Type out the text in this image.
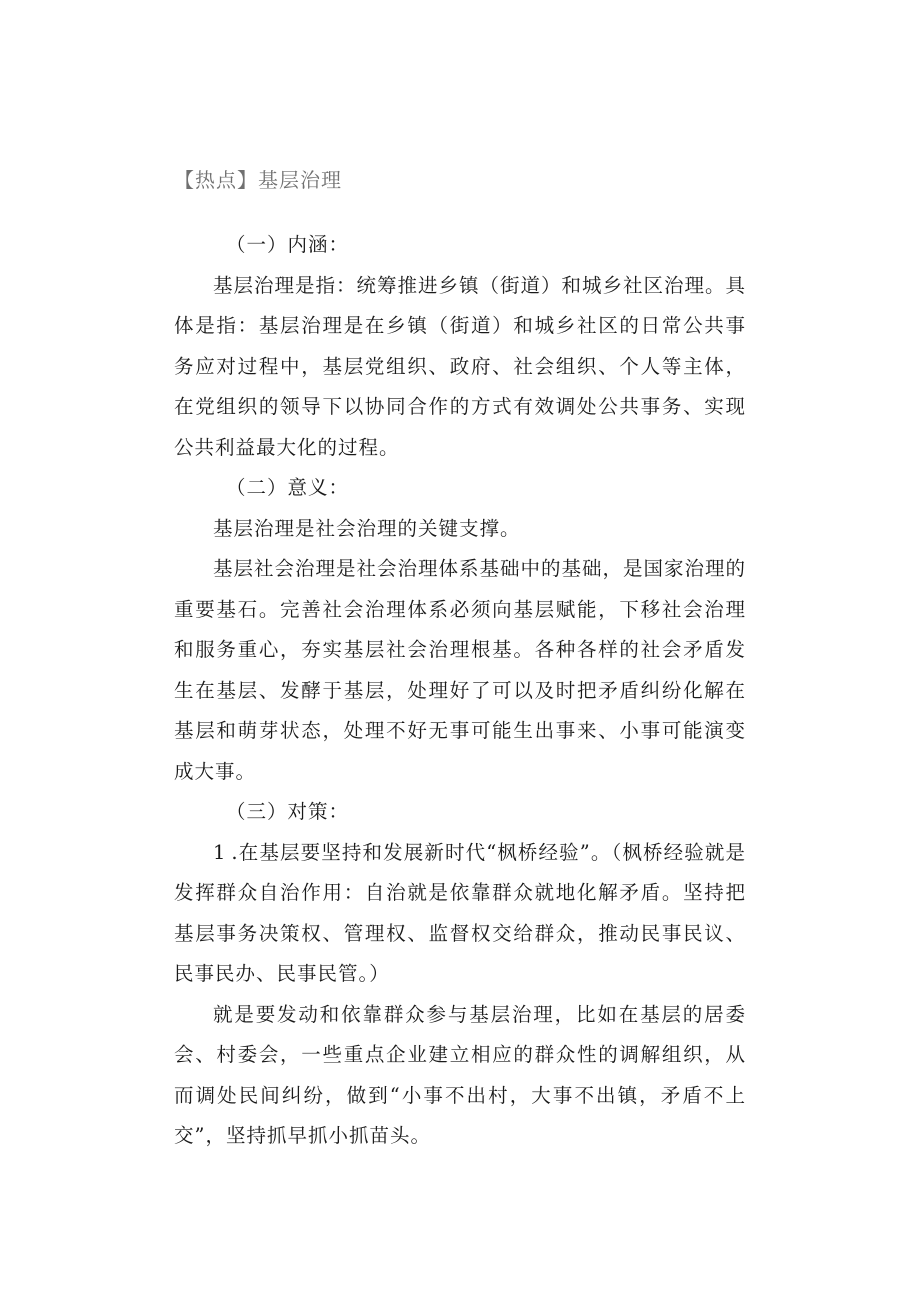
【热点】基层治理

（一）内涵：

基层治理是指：统筹推进乡镇（街道）和城乡社区治理。具体是指：基层治理是在乡镇（街道）和城乡社区的日常公共事务应对过程中，基层党组织、政府、社会组织、个人等主体，在党组织的领导下以协同合作的方式有效调处公共事务、实现公共利益最大化的过程。

（二）意义：

基层治理是社会治理的关键支撑。

基层社会治理是社会治理体系基础中的基础，是国家治理的重要基石。完善社会治理体系必须向基层赋能，下移社会治理和服务重心，夯实基层社会治理根基。各种各样的社会矛盾发生在基层、发酵于基层，处理好了可以及时把矛盾纠纷化解在基层和萌芽状态，处理不好无事可能生出事来、小事可能演变成大事。

（三）对策：

1.在基层要坚持和发展新时代“枫桥经验”。（枫桥经验就是发挥群众自治作用：自治就是依靠群众就地化解矛盾。坚持把基层事务决策权、管理权、监督权交给群众，推动民事民议、民事民办、民事民管。）

就是要发动和依靠群众参与基层治理，比如在基层的居委会、村委会，一些重点企业建立相应的群众性的调解组织，从而调处民间纠纷，做到“小事不出村，大事不出镇，矛盾不上交”，坚持抓早抓小抓苗头。
